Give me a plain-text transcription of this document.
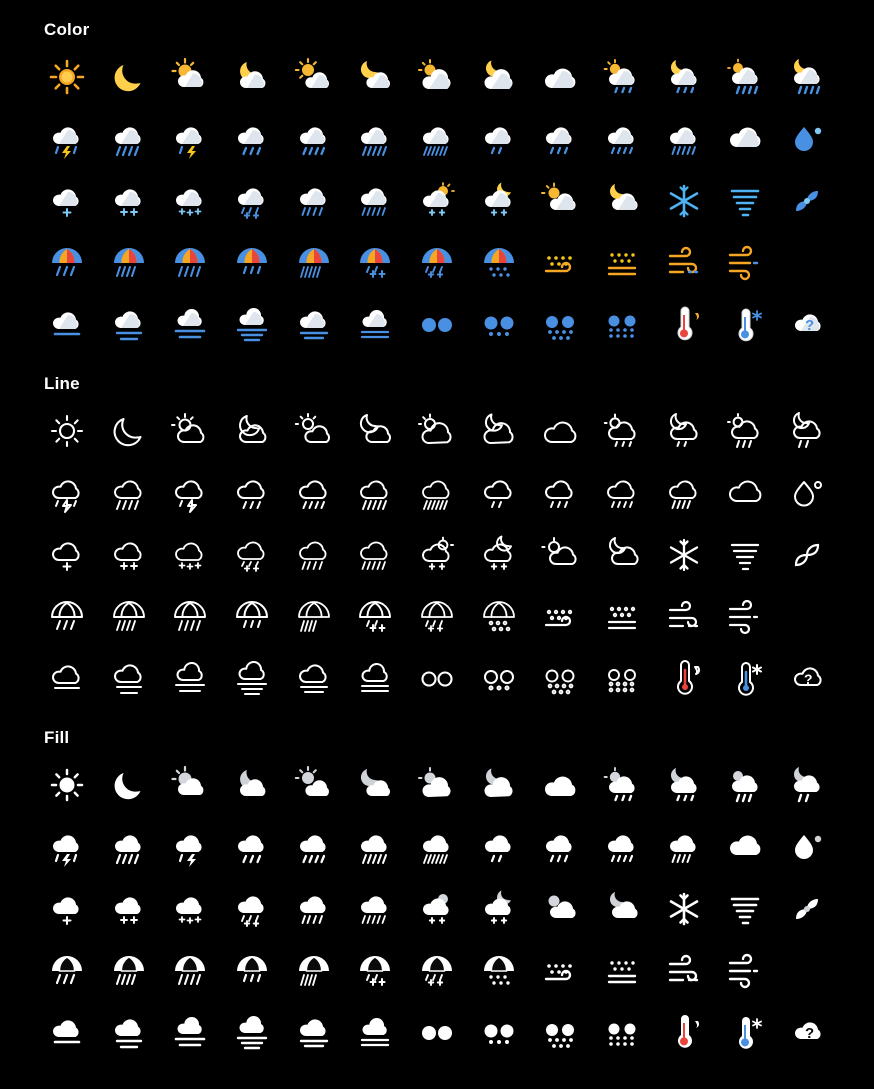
Color
?
Line
?
Fill
?
